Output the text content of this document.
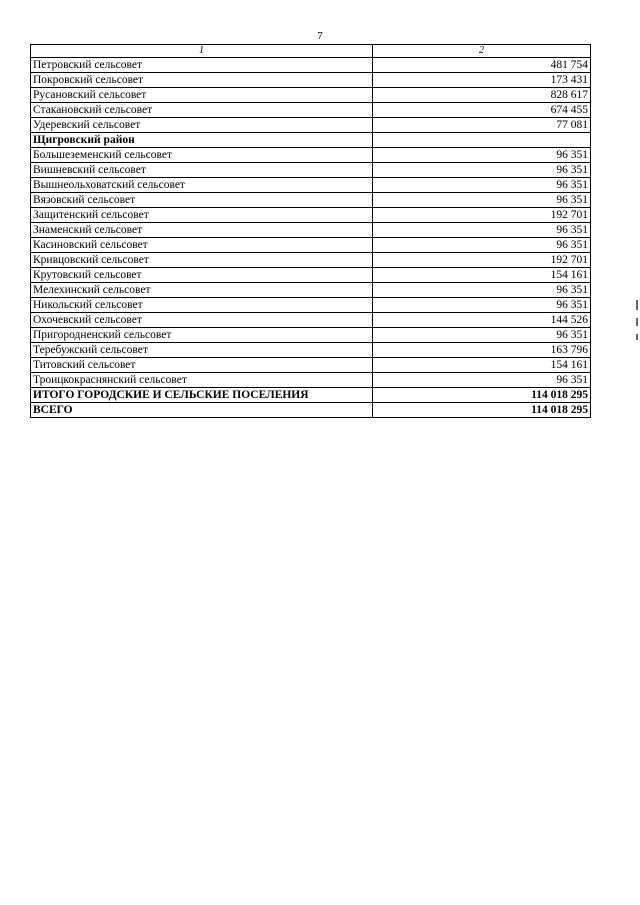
7
1	2
Петровский сельсовет	481 754
Покровский сельсовет	173 431
Русановский сельсовет	828 617
Стакановский сельсовет	674 455
Удеревский сельсовет	77 081
Щигровский район	
Большеземенский сельсовет	96 351
Вишневский сельсовет	96 351
Вышнеольховатский сельсовет	96 351
Вязовский сельсовет	96 351
Защитенский сельсовет	192 701
Знаменский сельсовет	96 351
Касиновский сельсовет	96 351
Кривцовский сельсовет	192 701
Крутовский сельсовет	154 161
Мелехинский сельсовет	96 351
Никольский сельсовет	96 351
Охочевский сельсовет	144 526
Пригородненский сельсовет	96 351
Теребужский сельсовет	163 796
Титовский сельсовет	154 161
Троицкокраснянский сельсовет	96 351
ИТОГО ГОРОДСКИЕ И СЕЛЬСКИЕ ПОСЕЛЕНИЯ	114 018 295
ВСЕГО	114 018 295
